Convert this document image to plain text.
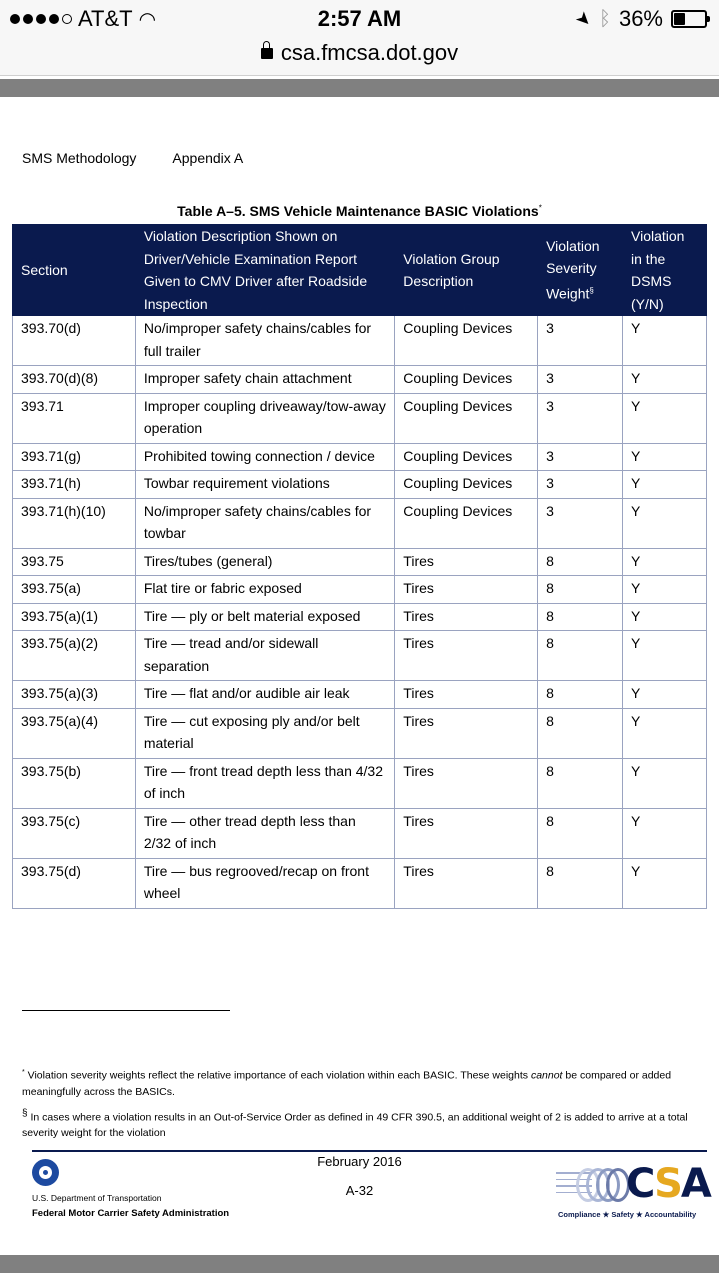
AT&T ◠	2:57 AM	➤ ᛒ 36%
csa.fmcsa.dot.gov
SMS Methodology	Appendix A
Table A–5. SMS Vehicle Maintenance BASIC Violations*
Section	Violation Description Shown on Driver/Vehicle Examination Report Given to CMV Driver after Roadside Inspection	Violation Group Description	Violation Severity Weight§	Violation in the DSMS (Y/N)
393.70(d)	No/improper safety chains/cables for full trailer	Coupling Devices	3	Y
393.70(d)(8)	Improper safety chain attachment	Coupling Devices	3	Y
393.71	Improper coupling driveaway/tow-away operation	Coupling Devices	3	Y
393.71(g)	Prohibited towing connection / device	Coupling Devices	3	Y
393.71(h)	Towbar requirement violations	Coupling Devices	3	Y
393.71(h)(10)	No/improper safety chains/cables for towbar	Coupling Devices	3	Y
393.75	Tires/tubes (general)	Tires	8	Y
393.75(a)	Flat tire or fabric exposed	Tires	8	Y
393.75(a)(1)	Tire — ply or belt material exposed	Tires	8	Y
393.75(a)(2)	Tire — tread and/or sidewall separation	Tires	8	Y
393.75(a)(3)	Tire — flat and/or audible air leak	Tires	8	Y
393.75(a)(4)	Tire — cut exposing ply and/or belt material	Tires	8	Y
393.75(b)	Tire — front tread depth less than 4/32 of inch	Tires	8	Y
393.75(c)	Tire — other tread depth less than 2/32 of inch	Tires	8	Y
393.75(d)	Tire — bus regrooved/recap on front wheel	Tires	8	Y

* Violation severity weights reflect the relative importance of each violation within each BASIC. These weights cannot be compared or added meaningfully across the BASICs.

§ In cases where a violation results in an Out-of-Service Order as defined in 49 CFR 390.5, an additional weight of 2 is added to arrive at a total severity weight for the violation

February 2016
A-32
U.S. Department of Transportation
Federal Motor Carrier Safety Administration
CSA
Compliance ★ Safety ★ Accountability
